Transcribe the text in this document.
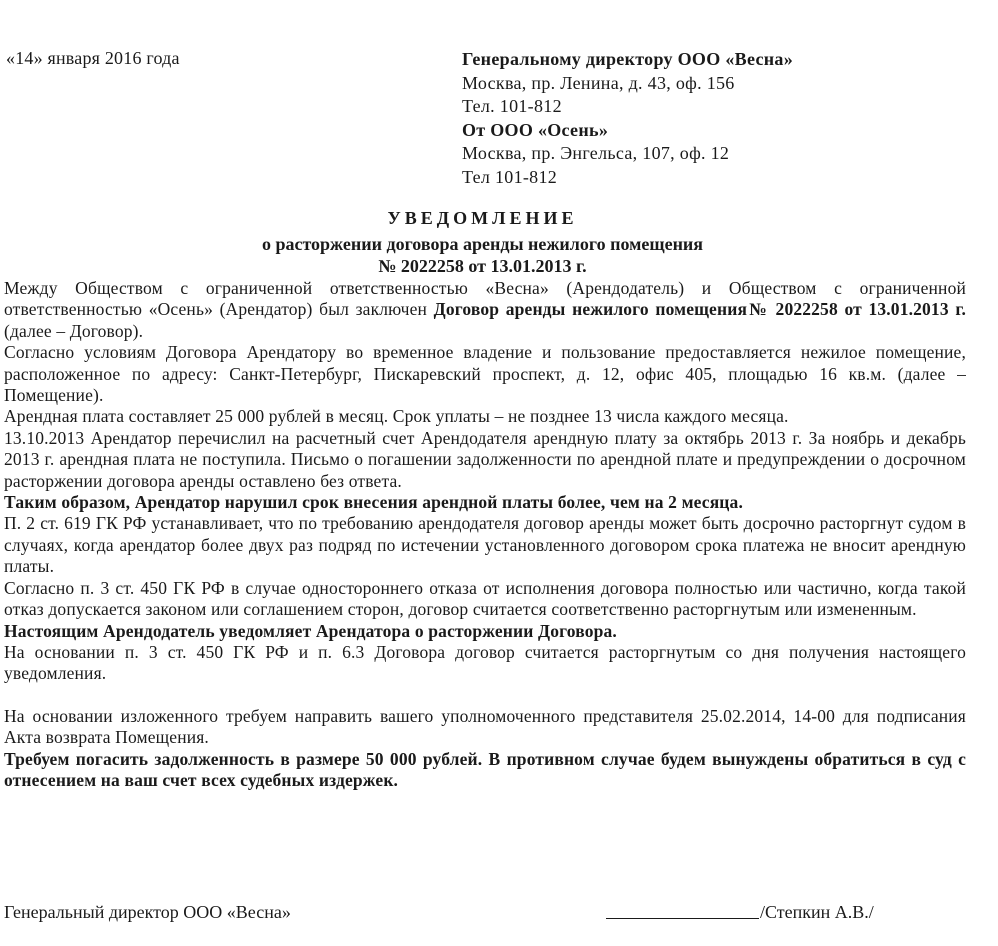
«14» января 2016 года	Генеральному директору ООО «Весна»
Москва, пр. Ленина, д. 43, оф. 156
Тел. 101-812
От ООО «Осень»
Москва, пр. Энгельса, 107, оф. 12
Тел 101-812
УВЕДОМЛЕНИЕ
о расторжении договора аренды нежилого помещения
№ 2022258 от 13.01.2013 г.

Между Обществом с ограниченной ответственностью «Весна» (Арендодатель) и Обществом с ограниченной ответственностью «Осень» (Арендатор) был заключен Договор аренды нежилого помещения№ 2022258 от 13.01.2013 г. (далее – Договор).

Согласно условиям Договора Арендатору во временное владение и пользование предоставляется нежилое помещение, расположенное по адресу: Санкт-Петербург, Пискаревский проспект, д. 12, офис 405, площадью 16 кв.м. (далее – Помещение).

Арендная плата составляет 25 000 рублей в месяц. Срок уплаты – не позднее 13 числа каждого месяца.

13.10.2013 Арендатор перечислил на расчетный счет Арендодателя арендную плату за октябрь 2013 г. За ноябрь и декабрь 2013 г. арендная плата не поступила. Письмо о погашении задолженности по арендной плате и предупреждении о досрочном расторжении договора аренды оставлено без ответа.

Таким образом, Арендатор нарушил срок внесения арендной платы более, чем на 2 месяца.

П. 2 ст. 619 ГК РФ устанавливает, что по требованию арендодателя договор аренды может быть досрочно расторгнут судом в случаях, когда арендатор более двух раз подряд по истечении установленного договором срока платежа не вносит арендную платы.

Согласно п. 3 ст. 450 ГК РФ в случае одностороннего отказа от исполнения договора полностью или частично, когда такой отказ допускается законом или соглашением сторон, договор считается соответственно расторгнутым или измененным.

Настоящим Арендодатель уведомляет Арендатора о расторжении Договора.

На основании п. 3 ст. 450 ГК РФ и п. 6.3 Договора договор считается расторгнутым со дня получения настоящего уведомления.

На основании изложенного требуем направить вашего уполномоченного представителя 25.02.2014, 14-00 для подписания Акта возврата Помещения.

Требуем погасить задолженность в размере 50 000 рублей. В противном случае будем вынуждены обратиться в суд с отнесением на ваш счет всех судебных издержек.

Генеральный директор ООО «Весна»	/Степкин А.В./
